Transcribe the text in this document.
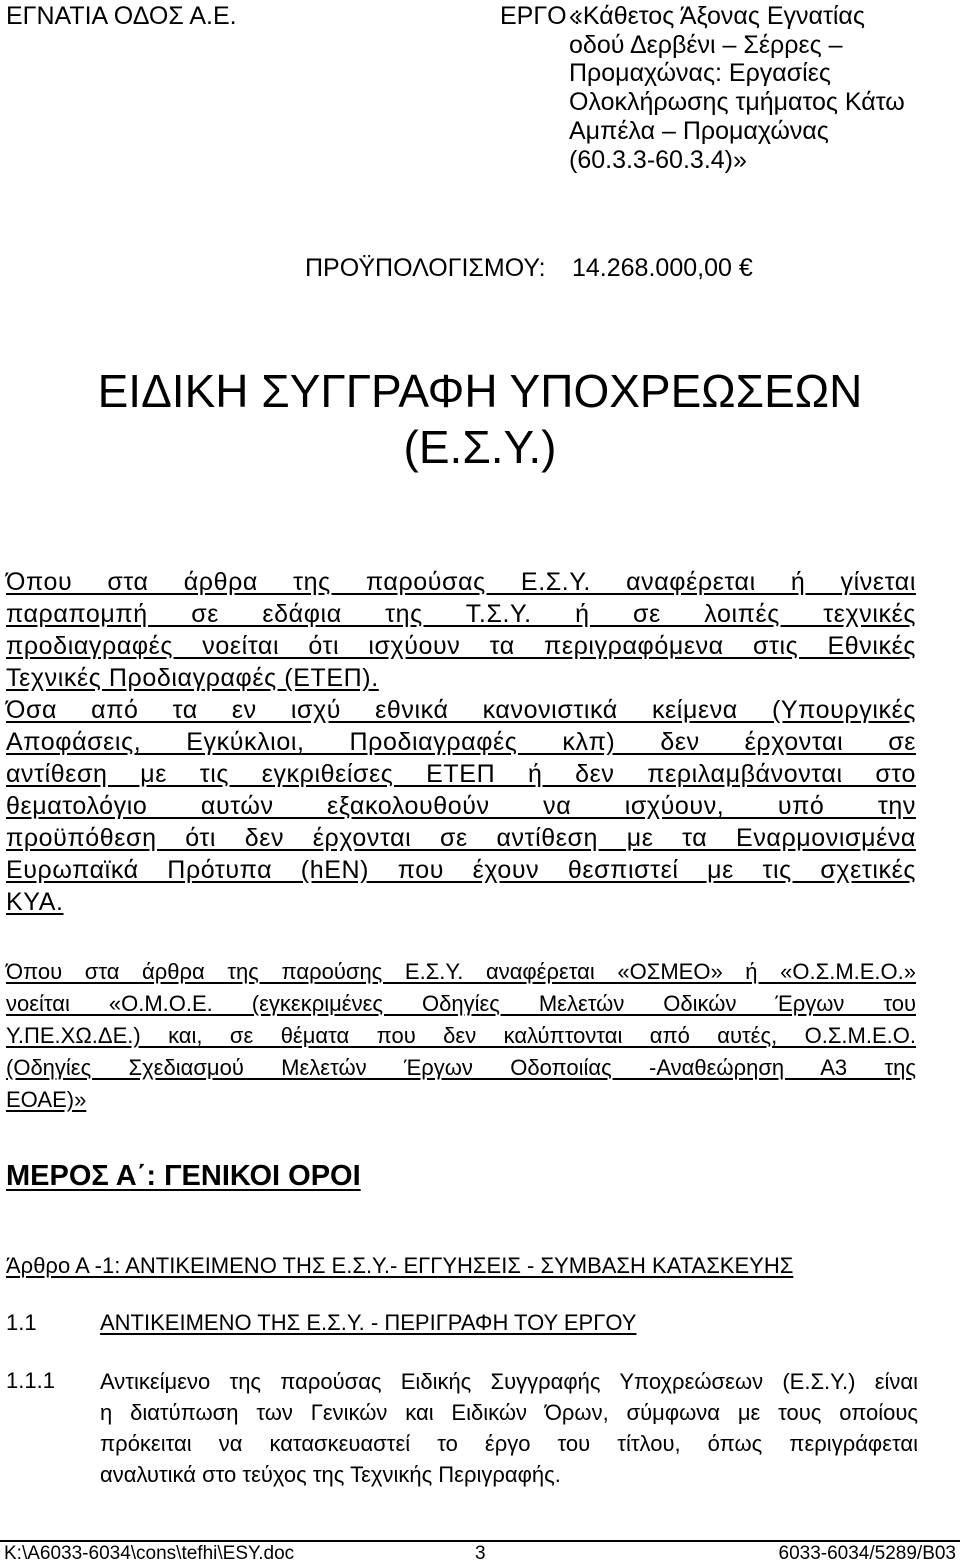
ΕΓΝΑΤΙΑ ΟΔΟΣ Α.Ε.	ΕΡΓΟ :
«Κάθετος Άξονας Εγνατίας
οδού Δερβένι – Σέρρες –
Προμαχώνας: Εργασίες
Ολοκλήρωσης τμήματος Κάτω
Αμπέλα – Προμαχώνας
(60.3.3-60.3.4)»
ΠΡΟΫΠΟΛΟΓΙΣΜΟΥ: 14.268.000,00 €
ΕΙΔΙΚΗ ΣΥΓΓΡΑΦΗ ΥΠΟΧΡΕΩΣΕΩΝ
(Ε.Σ.Υ.)

Όπου στα άρθρα της παρούσας Ε.Σ.Υ. αναφέρεται ή γίνεται

παραπομπή σε εδάφια της Τ.Σ.Υ. ή σε λοιπές τεχνικές

προδιαγραφές νοείται ότι ισχύουν τα περιγραφόμενα στις Εθνικές

Τεχνικές Προδιαγραφές (ΕΤΕΠ).

Όσα από τα εν ισχύ εθνικά κανονιστικά κείμενα (Υπουργικές

Αποφάσεις, Εγκύκλιοι, Προδιαγραφές κλπ) δεν έρχονται σε

αντίθεση με τις εγκριθείσες ΕΤΕΠ ή δεν περιλαμβάνονται στο

θεματολόγιο αυτών εξακολουθούν να ισχύουν, υπό την

προϋπόθεση ότι δεν έρχονται σε αντίθεση με τα Εναρμονισμένα

Ευρωπαϊκά Πρότυπα (hEN) που έχουν θεσπιστεί με τις σχετικές

ΚΥΑ.

Όπου στα άρθρα της παρούσης Ε.Σ.Υ. αναφέρεται «ΟΣΜΕΟ» ή «Ο.Σ.Μ.Ε.Ο.»

νοείται «Ο.Μ.Ο.Ε. (εγκεκριμένες Οδηγίες Μελετών Οδικών Έργων του

Υ.ΠΕ.ΧΩ.ΔΕ.) και, σε θέματα που δεν καλύπτονται από αυτές, Ο.Σ.Μ.Ε.Ο.

(Οδηγίες Σχεδιασμού Μελετών Έργων Οδοποιίας -Αναθεώρηση Α3 της

ΕΟΑΕ)»

ΜΕΡΟΣ Α΄: ΓΕΝΙΚΟΙ ΟΡΟΙ
Άρθρο Α -1: ΑΝΤΙΚΕΙΜΕΝΟ ΤΗΣ Ε.Σ.Υ.- ΕΓΓΥΗΣΕΙΣ - ΣΥΜΒΑΣΗ ΚΑΤΑΣΚΕΥΗΣ
1.1	ΑΝΤΙΚΕΙΜΕΝΟ ΤΗΣ Ε.Σ.Υ. - ΠΕΡΙΓΡΑΦΗ ΤΟΥ ΕΡΓΟΥ
1.1.1 Αντικείμενο της παρούσας Ειδικής Συγγραφής Υποχρεώσεων (Ε.Σ.Υ.) είναι

η διατύπωση των Γενικών και Ειδικών Όρων, σύμφωνα με τους οποίους

πρόκειται να κατασκευαστεί το έργο του τίτλου, όπως περιγράφεται

αναλυτικά στο τεύχος της Τεχνικής Περιγραφής.

K:\A6033-6034\cons\tefhi\ESY.doc	3	6033-6034/5289/B03
